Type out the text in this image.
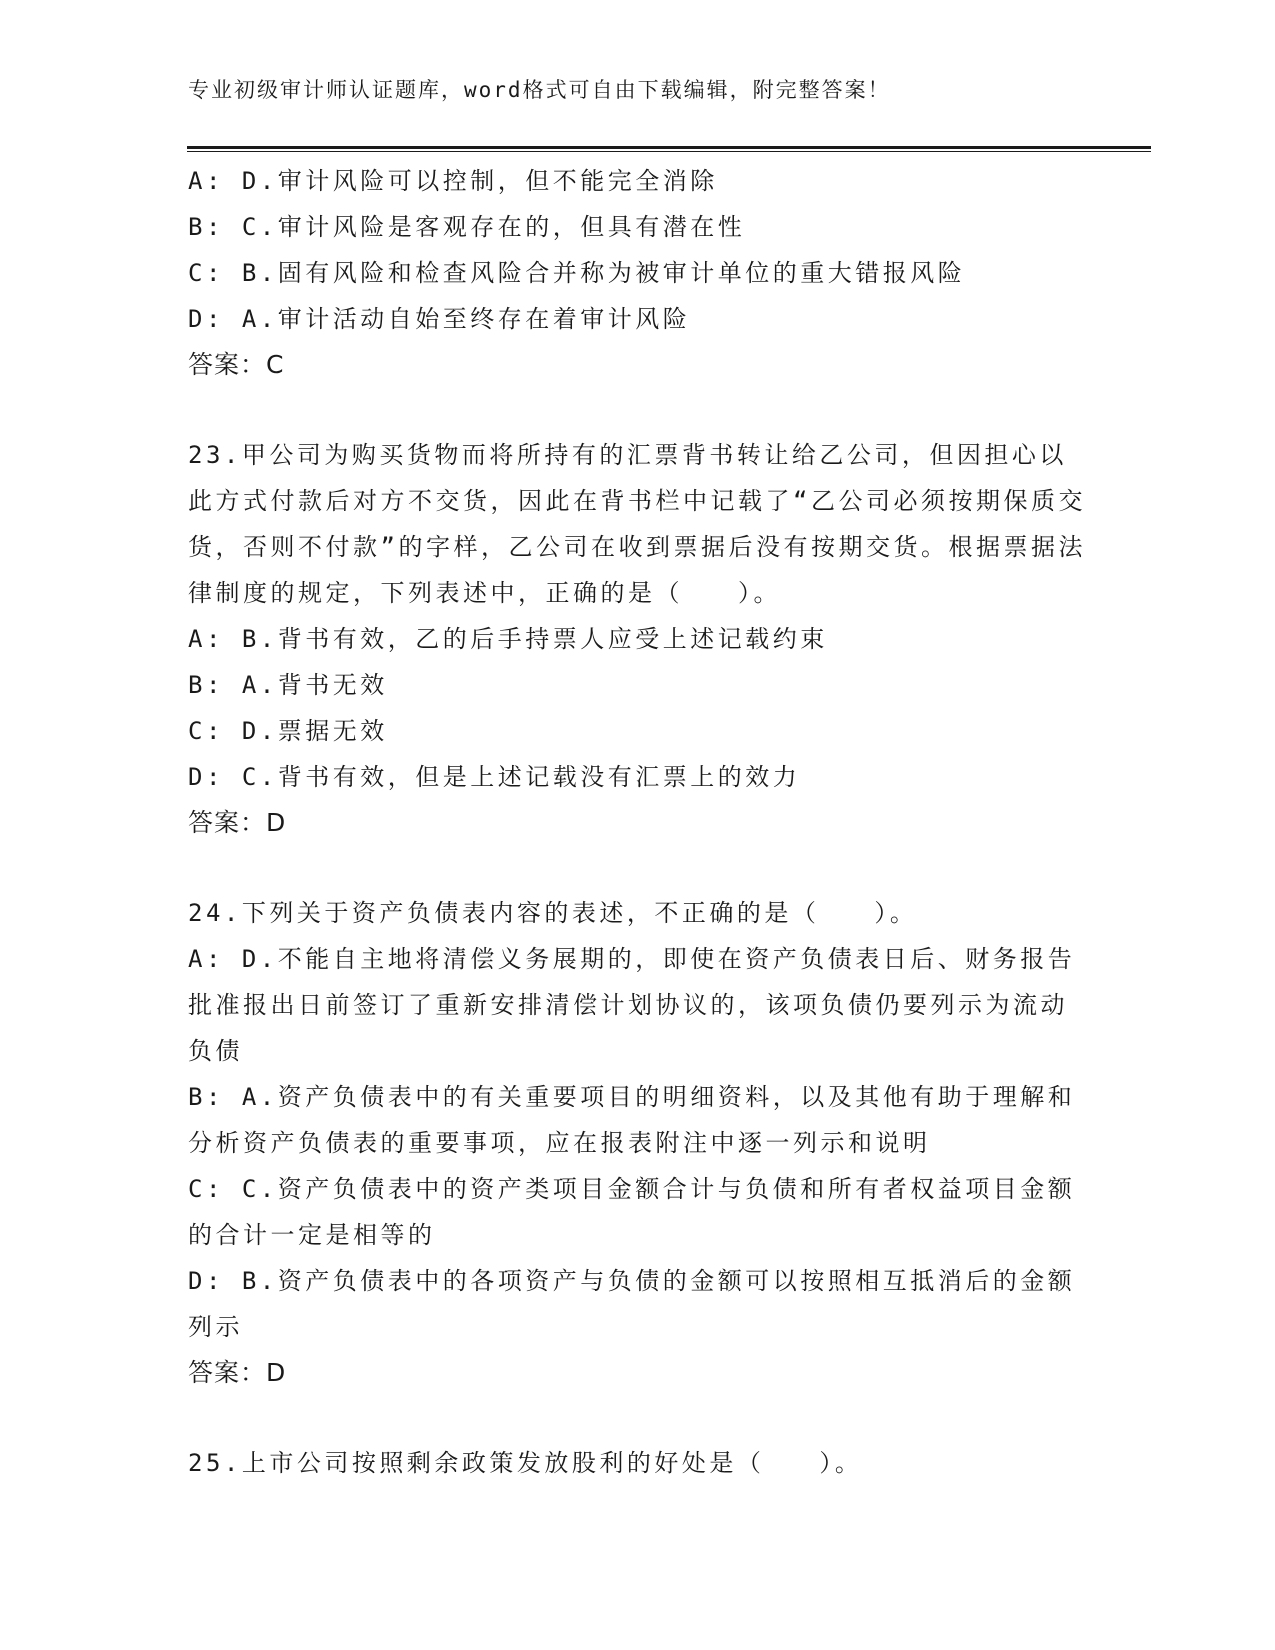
专业初级审计师认证题库，word格式可自由下载编辑，附完整答案！
A: D.审计风险可以控制，但不能完全消除
B: C.审计风险是客观存在的，但具有潜在性
C: B.固有风险和检查风险合并称为被审计单位的重大错报风险
D: A.审计活动自始至终存在着审计风险
答案：C
23.甲公司为购买货物而将所持有的汇票背书转让给乙公司，但因担心以此方式付款后对方不交货，因此在背书栏中记载了“乙公司必须按期保质交货，否则不付款”的字样，乙公司在收到票据后没有按期交货。根据票据法律制度的规定，下列表述中，正确的是（　　）。
A: B.背书有效，乙的后手持票人应受上述记载约束
B: A.背书无效
C: D.票据无效
D: C.背书有效，但是上述记载没有汇票上的效力
答案：D
24.下列关于资产负债表内容的表述，不正确的是（　　）。
A: D.不能自主地将清偿义务展期的，即使在资产负债表日后、财务报告批准报出日前签订了重新安排清偿计划协议的，该项负债仍要列示为流动负债
B: A.资产负债表中的有关重要项目的明细资料，以及其他有助于理解和分析资产负债表的重要事项，应在报表附注中逐一列示和说明
C: C.资产负债表中的资产类项目金额合计与负债和所有者权益项目金额的合计一定是相等的
D: B.资产负债表中的各项资产与负债的金额可以按照相互抵消后的金额列示
答案：D
25.上市公司按照剩余政策发放股利的好处是（　　）。
